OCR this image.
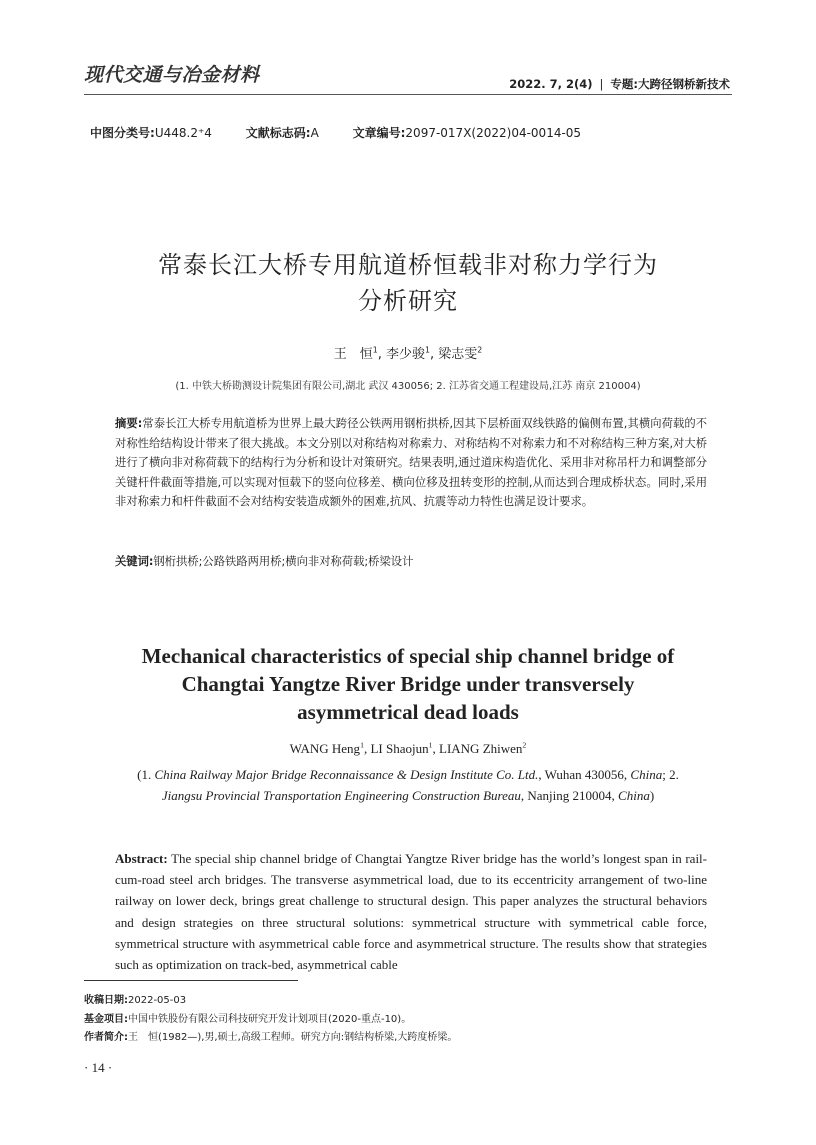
现代交通与冶金材料	2022. 7, 2(4) | 专题:大跨径钢桥新技术
中图分类号:U448.2⁺4	文献标志码:A	文章编号:2097-017X(2022)04-0014-05
常泰长江大桥专用航道桥恒载非对称力学行为
分析研究
王　恒$^1$, 李少骏$^1$, 梁志雯$^2$
(1. 中铁大桥勘测设计院集团有限公司,湖北 武汉 430056; 2. 江苏省交通工程建设局,江苏 南京 210004)
摘要:常泰长江大桥专用航道桥为世界上最大跨径公铁两用钢桁拱桥,因其下层桥面双线铁路的偏侧布置,其横向荷载的不对称性给结构设计带来了很大挑战。本文分别以对称结构对称索力、对称结构不对称索力和不对称结构三种方案,对大桥进行了横向非对称荷载下的结构行为分析和设计对策研究。结果表明,通过道床构造优化、采用非对称吊杆力和调整部分关键杆件截面等措施,可以实现对恒载下的竖向位移差、横向位移及扭转变形的控制,从而达到合理成桥状态。同时,采用非对称索力和杆件截面不会对结构安装造成额外的困难,抗风、抗震等动力特性也满足设计要求。
关键词:钢桁拱桥;公路铁路两用桥;横向非对称荷载;桥梁设计
Mechanical characteristics of special ship channel bridge of
Changtai Yangtze River Bridge under transversely
asymmetrical dead loads
WANG Heng$^1$, LI Shaojun$^1$, LIANG Zhiwen$^2$
(1. China Railway Major Bridge Reconnaissance & Design Institute Co. Ltd., Wuhan 430056, China; 2. Jiangsu Provincial Transportation Engineering Construction Bureau, Nanjing 210004, China)
Abstract: The special ship channel bridge of Changtai Yangtze River bridge has the world’s longest span in rail-cum-road steel arch bridges. The transverse asymmetrical load, due to its eccentricity arrangement of two-line railway on lower deck, brings great challenge to structural design. This paper analyzes the structural behaviors and design strategies on three structural solutions: symmetrical structure with symmetrical cable force, symmetrical structure with asymmetrical cable force and asymmetrical structure. The results show that strategies such as optimization on track-bed, asymmetrical cable
收稿日期:2022-05-03
基金项目:中国中铁股份有限公司科技研究开发计划项目(2020-重点-10)。
作者简介:王　恒(1982—),男,硕士,高级工程师。研究方向:钢结构桥梁,大跨度桥梁。
· 14 ·
